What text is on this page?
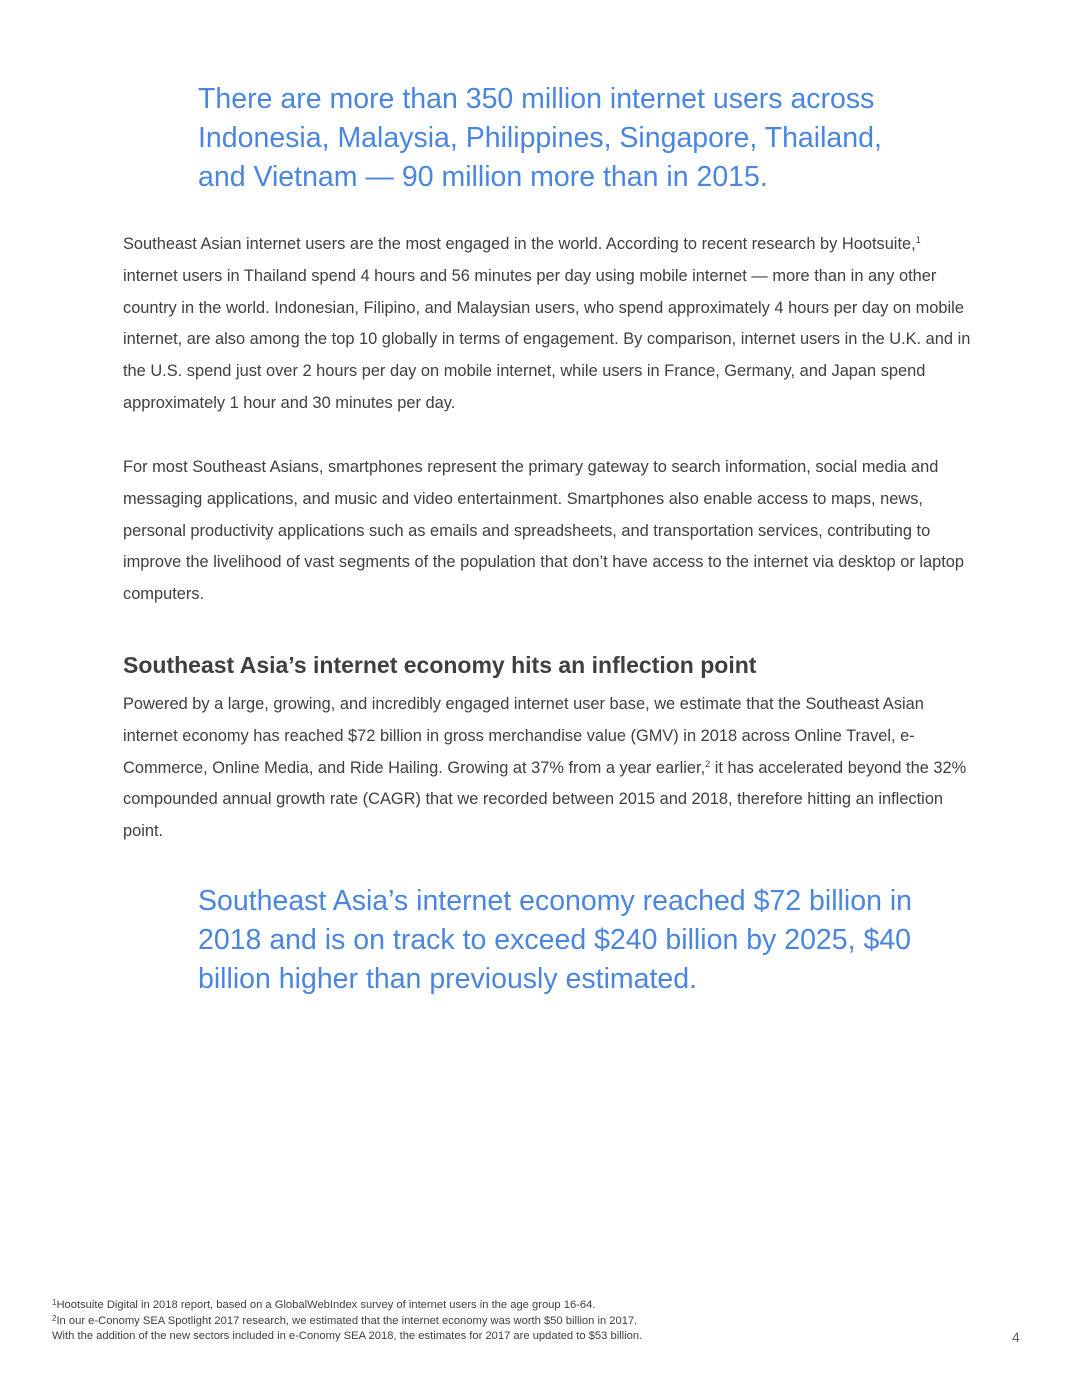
There are more than 350 million internet users across Indonesia, Malaysia, Philippines, Singapore, Thailand, and Vietnam — 90 million more than in 2015.

Southeast Asian internet users are the most engaged in the world. According to recent research by Hootsuite,$^1$ internet users in Thailand spend 4 hours and 56 minutes per day using mobile internet — more than in any other country in the world. Indonesian, Filipino, and Malaysian users, who spend approximately 4 hours per day on mobile internet, are also among the top 10 globally in terms of engagement. By comparison, internet users in the U.K. and in the U.S. spend just over 2 hours per day on mobile internet, while users in France, Germany, and Japan spend approximately 1 hour and 30 minutes per day.

For most Southeast Asians, smartphones represent the primary gateway to search information, social media and messaging applications, and music and video entertainment. Smartphones also enable access to maps, news, personal productivity applications such as emails and spreadsheets, and transportation services, contributing to improve the livelihood of vast segments of the population that don’t have access to the internet via desktop or laptop computers.

Southeast Asia’s internet economy hits an inflection point

Powered by a large, growing, and incredibly engaged internet user base, we estimate that the Southeast Asian internet economy has reached $72 billion in gross merchandise value (GMV) in 2018 across Online Travel, e-Commerce, Online Media, and Ride Hailing. Growing at 37% from a year earlier,$^2$ it has accelerated beyond the 32% compounded annual growth rate (CAGR) that we recorded between 2015 and 2018, therefore hitting an inflection point.

Southeast Asia’s internet economy reached $72 billion in 2018 and is on track to exceed $240 billion by 2025, $40 billion higher than previously estimated.

$^1$Hootsuite Digital in 2018 report, based on a GlobalWebIndex survey of internet users in the age group 16-64.
$^2$In our e-Conomy SEA Spotlight 2017 research, we estimated that the internet economy was worth $50 billion in 2017.
With the addition of the new sectors included in e-Conomy SEA 2018, the estimates for 2017 are updated to $53 billion.	4
